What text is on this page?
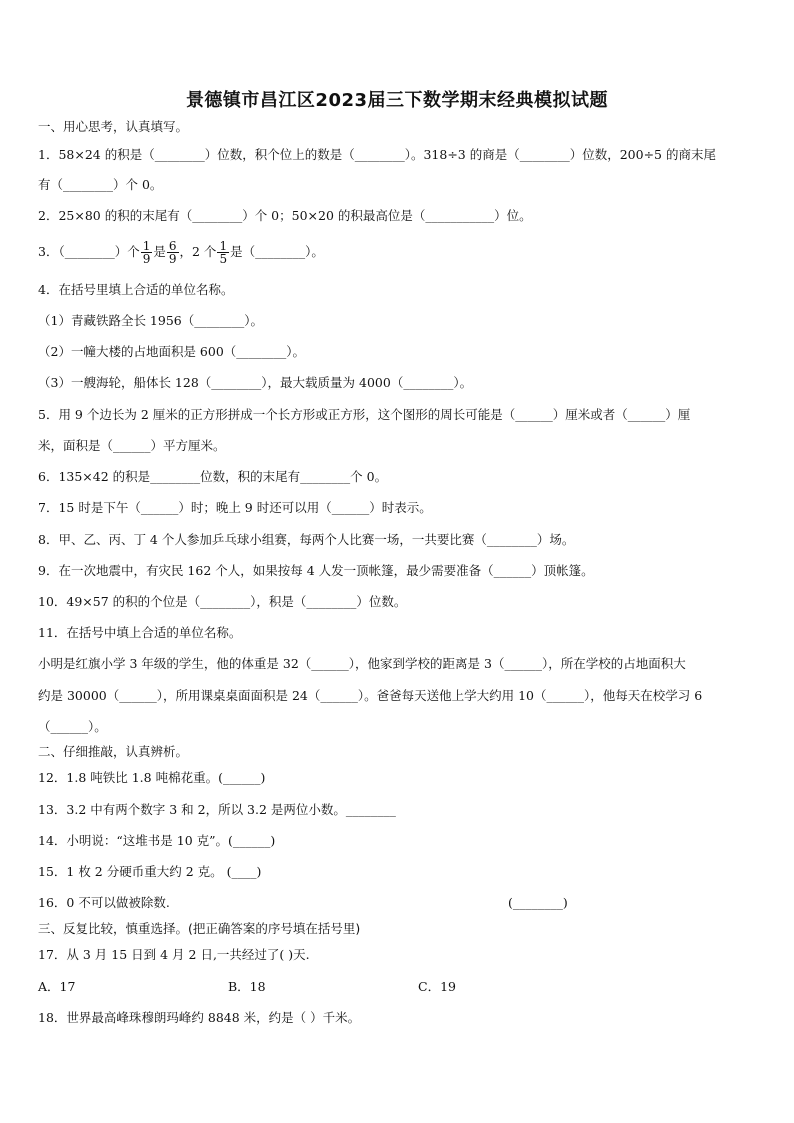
景德镇市昌江区2023届三下数学期末经典模拟试题
一、用心思考，认真填写。
1．58×24 的积是（________）位数，积个位上的数是（________）。318÷3 的商是（________）位数，200÷5 的商末尾
有（________）个 0。
2．25×80 的积的末尾有（________）个 0；50×20 的积最高位是（___________）位。
3．（________）个 $\frac{1}{9}$ 是 $\frac{6}{9}$ ，2 个 $\frac{1}{5}$ 是（________）。
4．在括号里填上合适的单位名称。
（1）青藏铁路全长 1956（________）。
（2）一幢大楼的占地面积是 600（________）。
（3）一艘海轮，船体长 128（________），最大载质量为 4000（________）。
5．用 9 个边长为 2 厘米的正方形拼成一个长方形或正方形，这个图形的周长可能是（______）厘米或者（______）厘
米，面积是（______）平方厘米。
6．135×42 的积是________位数，积的末尾有________个 0。
7．15 时是下午（______）时；晚上 9 时还可以用（______）时表示。
8．甲、乙、丙、丁 4 个人参加乒乓球小组赛，每两个人比赛一场，一共要比赛（________）场。
9．在一次地震中，有灾民 162 个人，如果按每 4 人发一顶帐篷，最少需要准备（______）顶帐篷。
10．49×57 的积的个位是（________），积是（________）位数。
11．在括号中填上合适的单位名称。
小明是红旗小学 3 年级的学生，他的体重是 32（______），他家到学校的距离是 3（______），所在学校的占地面积大
约是 30000（______），所用课桌桌面面积是 24（______）。爸爸每天送他上学大约用 10（______），他每天在校学习 6
（______）。
二、仔细推敲，认真辨析。
12．1.8 吨铁比 1.8 吨棉花重。(______)
13．3.2 中有两个数字 3 和 2，所以 3.2 是两位小数。________
14．小明说：“这堆书是 10 克”。(______)
15．1 枚 2 分硬币重大约 2 克。 (____)
16．0 不可以做被除数.	(________)
三、反复比较，慎重选择。(把正确答案的序号填在括号里)
17．从 3 月 15 日到 4 月 2 日,一共经过了( )天.
A．17	B．18	C．19
18．世界最高峰珠穆朗玛峰约 8848 米，约是（ ）千米。
